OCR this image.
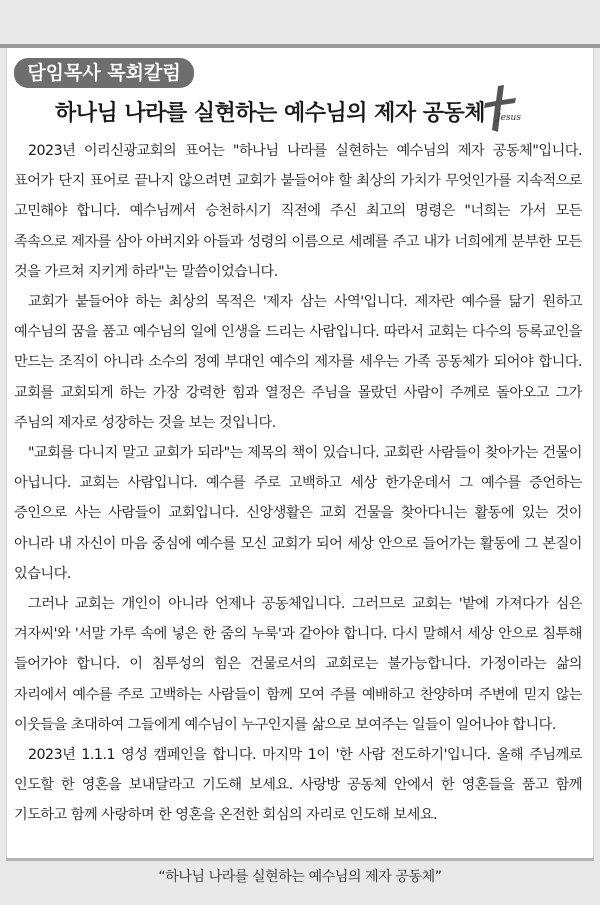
담임목사 목회칼럼
하나님 나라를 실현하는 예수님의 제자 공동체	Jesus

2023년 이리신광교회의 표어는 "하나님 나라를 실현하는 예수님의 제자 공동체"입니다. 표어가 단지 표어로 끝나지 않으려면 교회가 붙들어야 할 최상의 가치가 무엇인가를 지속적으로 고민해야 합니다. 예수님께서 승천하시기 직전에 주신 최고의 명령은 "너희는 가서 모든 족속으로 제자를 삼아 아버지와 아들과 성령의 이름으로 세례를 주고 내가 너희에게 분부한 모든 것을 가르쳐 지키게 하라"는 말씀이었습니다.

교회가 붙들어야 하는 최상의 목적은 '제자 삼는 사역'입니다. 제자란 예수를 닮기 원하고 예수님의 꿈을 품고 예수님의 일에 인생을 드리는 사람입니다. 따라서 교회는 다수의 등록교인을 만드는 조직이 아니라 소수의 정예 부대인 예수의 제자를 세우는 가족 공동체가 되어야 합니다. 교회를 교회되게 하는 가장 강력한 힘과 열정은 주님을 몰랐던 사람이 주께로 돌아오고 그가 주님의 제자로 성장하는 것을 보는 것입니다.

"교회를 다니지 말고 교회가 되라"는 제목의 책이 있습니다. 교회란 사람들이 찾아가는 건물이 아닙니다. 교회는 사람입니다. 예수를 주로 고백하고 세상 한가운데서 그 예수를 증언하는 증인으로 사는 사람들이 교회입니다. 신앙생활은 교회 건물을 찾아다니는 활동에 있는 것이 아니라 내 자신이 마음 중심에 예수를 모신 교회가 되어 세상 안으로 들어가는 활동에 그 본질이 있습니다.

그러나 교회는 개인이 아니라 언제나 공동체입니다. 그러므로 교회는 '밭에 가져다가 심은 겨자씨'와 '서말 가루 속에 넣은 한 줌의 누룩'과 같아야 합니다. 다시 말해서 세상 안으로 침투해 들어가야 합니다. 이 침투성의 힘은 건물로서의 교회로는 불가능합니다. 가정이라는 삶의 자리에서 예수를 주로 고백하는 사람들이 함께 모여 주를 예배하고 찬양하며 주변에 믿지 않는 이웃들을 초대하여 그들에게 예수님이 누구인지를 삶으로 보여주는 일들이 일어나야 합니다.

2023년 1.1.1 영성 캠페인을 합니다. 마지막 1이 '한 사람 전도하기'입니다. 올해 주님께로 인도할 한 영혼을 보내달라고 기도해 보세요. 사랑방 공동체 안에서 한 영혼들을 품고 함께 기도하고 함께 사랑하며 한 영혼을 온전한 회심의 자리로 인도해 보세요.

“하나님 나라를 실현하는 예수님의 제자 공동체”
